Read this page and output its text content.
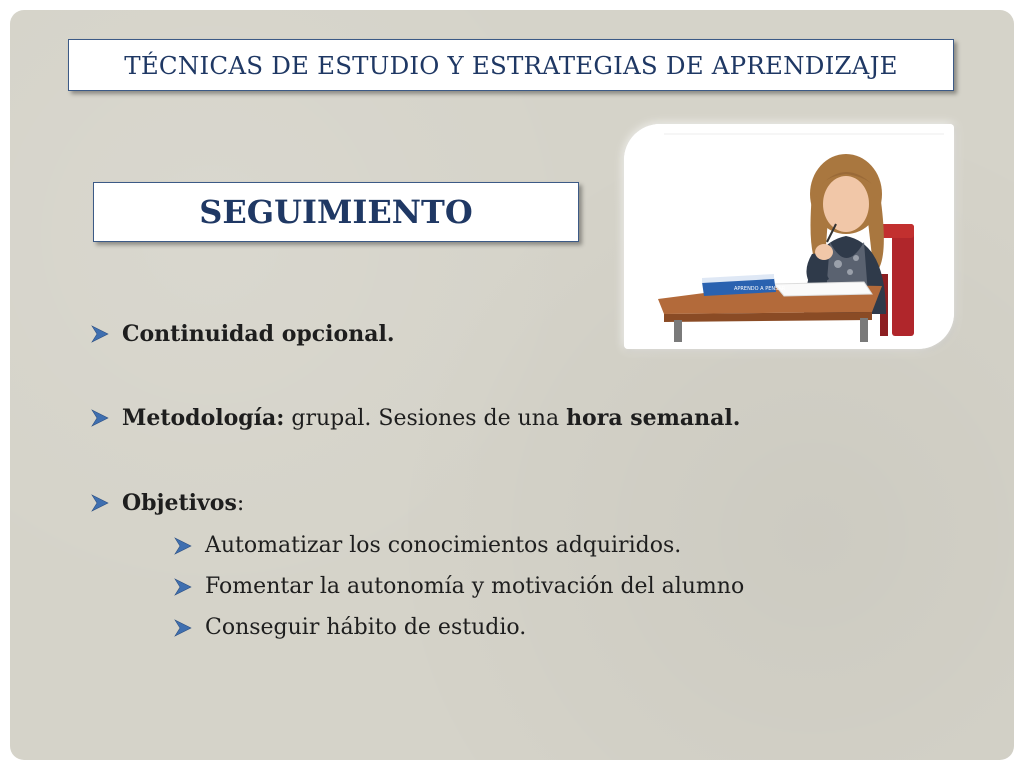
TÉCNICAS DE ESTUDIO Y ESTRATEGIAS DE APRENDIZAJE
SEGUIMIENTO
APRENDO A PENSAR
Continuidad opcional.
Metodología: grupal. Sesiones de una hora semanal.
Objetivos:
Automatizar los conocimientos adquiridos.
Fomentar la autonomía y motivación del alumno
Conseguir hábito de estudio.
